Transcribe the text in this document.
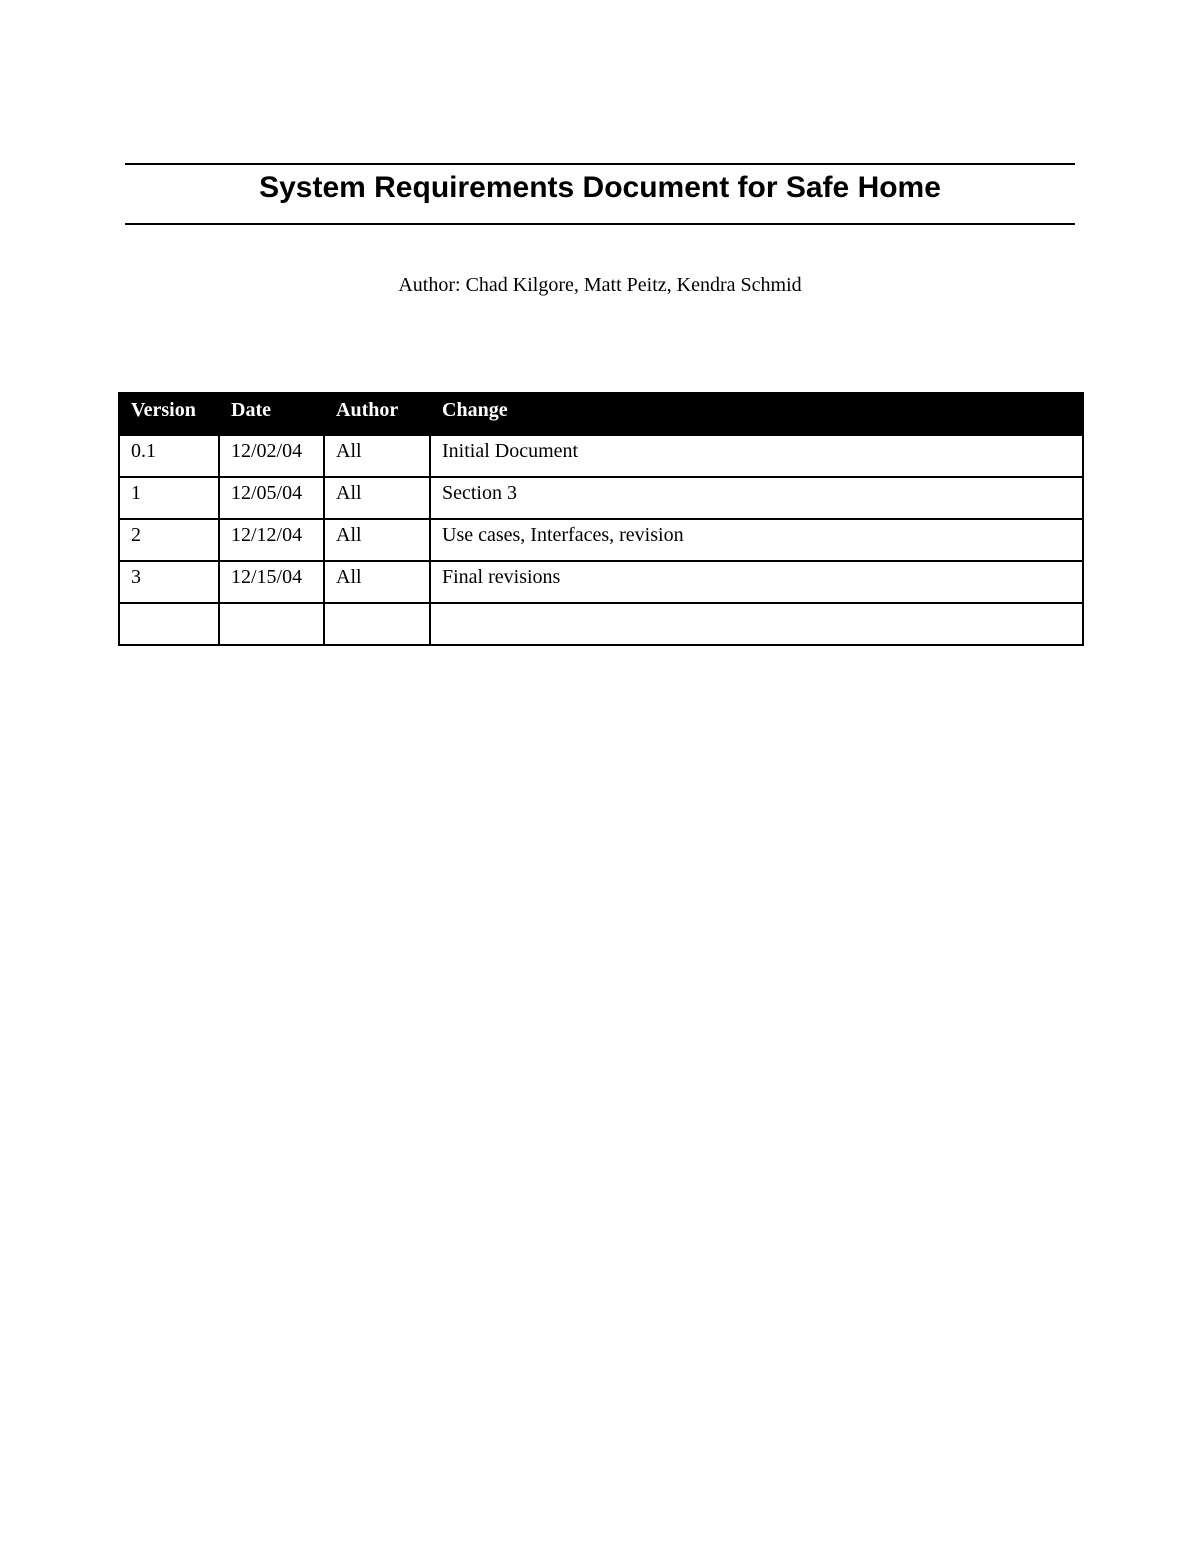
System Requirements Document for Safe Home

Author: Chad Kilgore, Matt Peitz, Kendra Schmid

Version	Date	Author	Change
0.1	12/02/04	All	Initial Document
1	12/05/04	All	Section 3
2	12/12/04	All	Use cases, Interfaces, revision
3	12/15/04	All	Final revisions
